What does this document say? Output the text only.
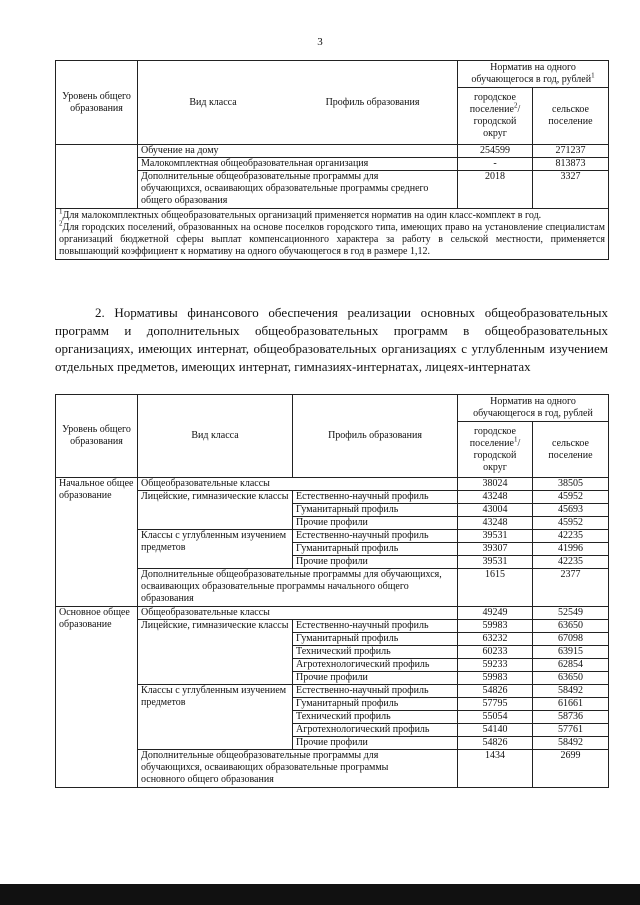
3
Уровень общего образования	Вид класса Профиль образования	Норматив на одного обучающегося в год, рублей$^1$
		городское поселение$^2$/ городской округ	сельское поселение
	Обучение на дому	254599	271237
	Малокомплектная общеобразовательная организация	-	813873
	Дополнительные общеобразовательные программы для обучающихся, осваивающих образовательные программы среднего общего образования	2018	3327

$^1$Для малокомплектных общеобразовательных организаций применяется норматив на один класс-комплект в год.
$^2$Для городских поселений, образованных на основе поселков городского типа, имеющих право на установление специалистам организаций бюджетной сферы выплат компенсационного характера за работу в сельской местности, применяется повышающий коэффициент к нормативу на одного обучающегося в год в размере 1,12.			
2. Нормативы финансового обеспечения реализации основных общеобразовательных программ и дополнительных общеобразовательных программ в общеобразовательных организациях, имеющих интернат, общеобразовательных организациях с углубленным изучением отдельных предметов, имеющих интернат, гимназиях-интернатах, лицеях-интернатах
Уровень общего образования	Вид класса	Профиль образования	Норматив на одного обучающегося в год, рублей	
			городское поселение$^1$/ городской округ	сельское поселение
Начальное общее образование	Общеобразовательные классы		38024	38505
	Лицейские, гимназические классы	Естественно-научный профиль	43248	45952
		Гуманитарный профиль	43004	45693
		Прочие профили	43248	45952
	Классы с углубленным изучением предметов	Естественно-научный профиль	39531	42235
		Гуманитарный профиль	39307	41996
		Прочие профили	39531	42235
	Дополнительные общеобразовательные программы для обучающихся, осваивающих образовательные программы начального общего образования		1615	2377
Основное общее образование	Общеобразовательные классы		49249	52549
	Лицейские, гимназические классы	Естественно-научный профиль	59983	63650
		Гуманитарный профиль	63232	67098
		Технический профиль	60233	63915
		Агротехнологический профиль	59233	62854
		Прочие профили	59983	63650
	Классы с углубленным изучением предметов	Естественно-научный профиль	54826	58492
		Гуманитарный профиль	57795	61661
		Технический профиль	55054	58736
		Агротехнологический профиль	54140	57761
		Прочие профили	54826	58492
	Дополнительные общеобразовательные программы для обучающихся, осваивающих образовательные программы основного общего образования		1434	2699
